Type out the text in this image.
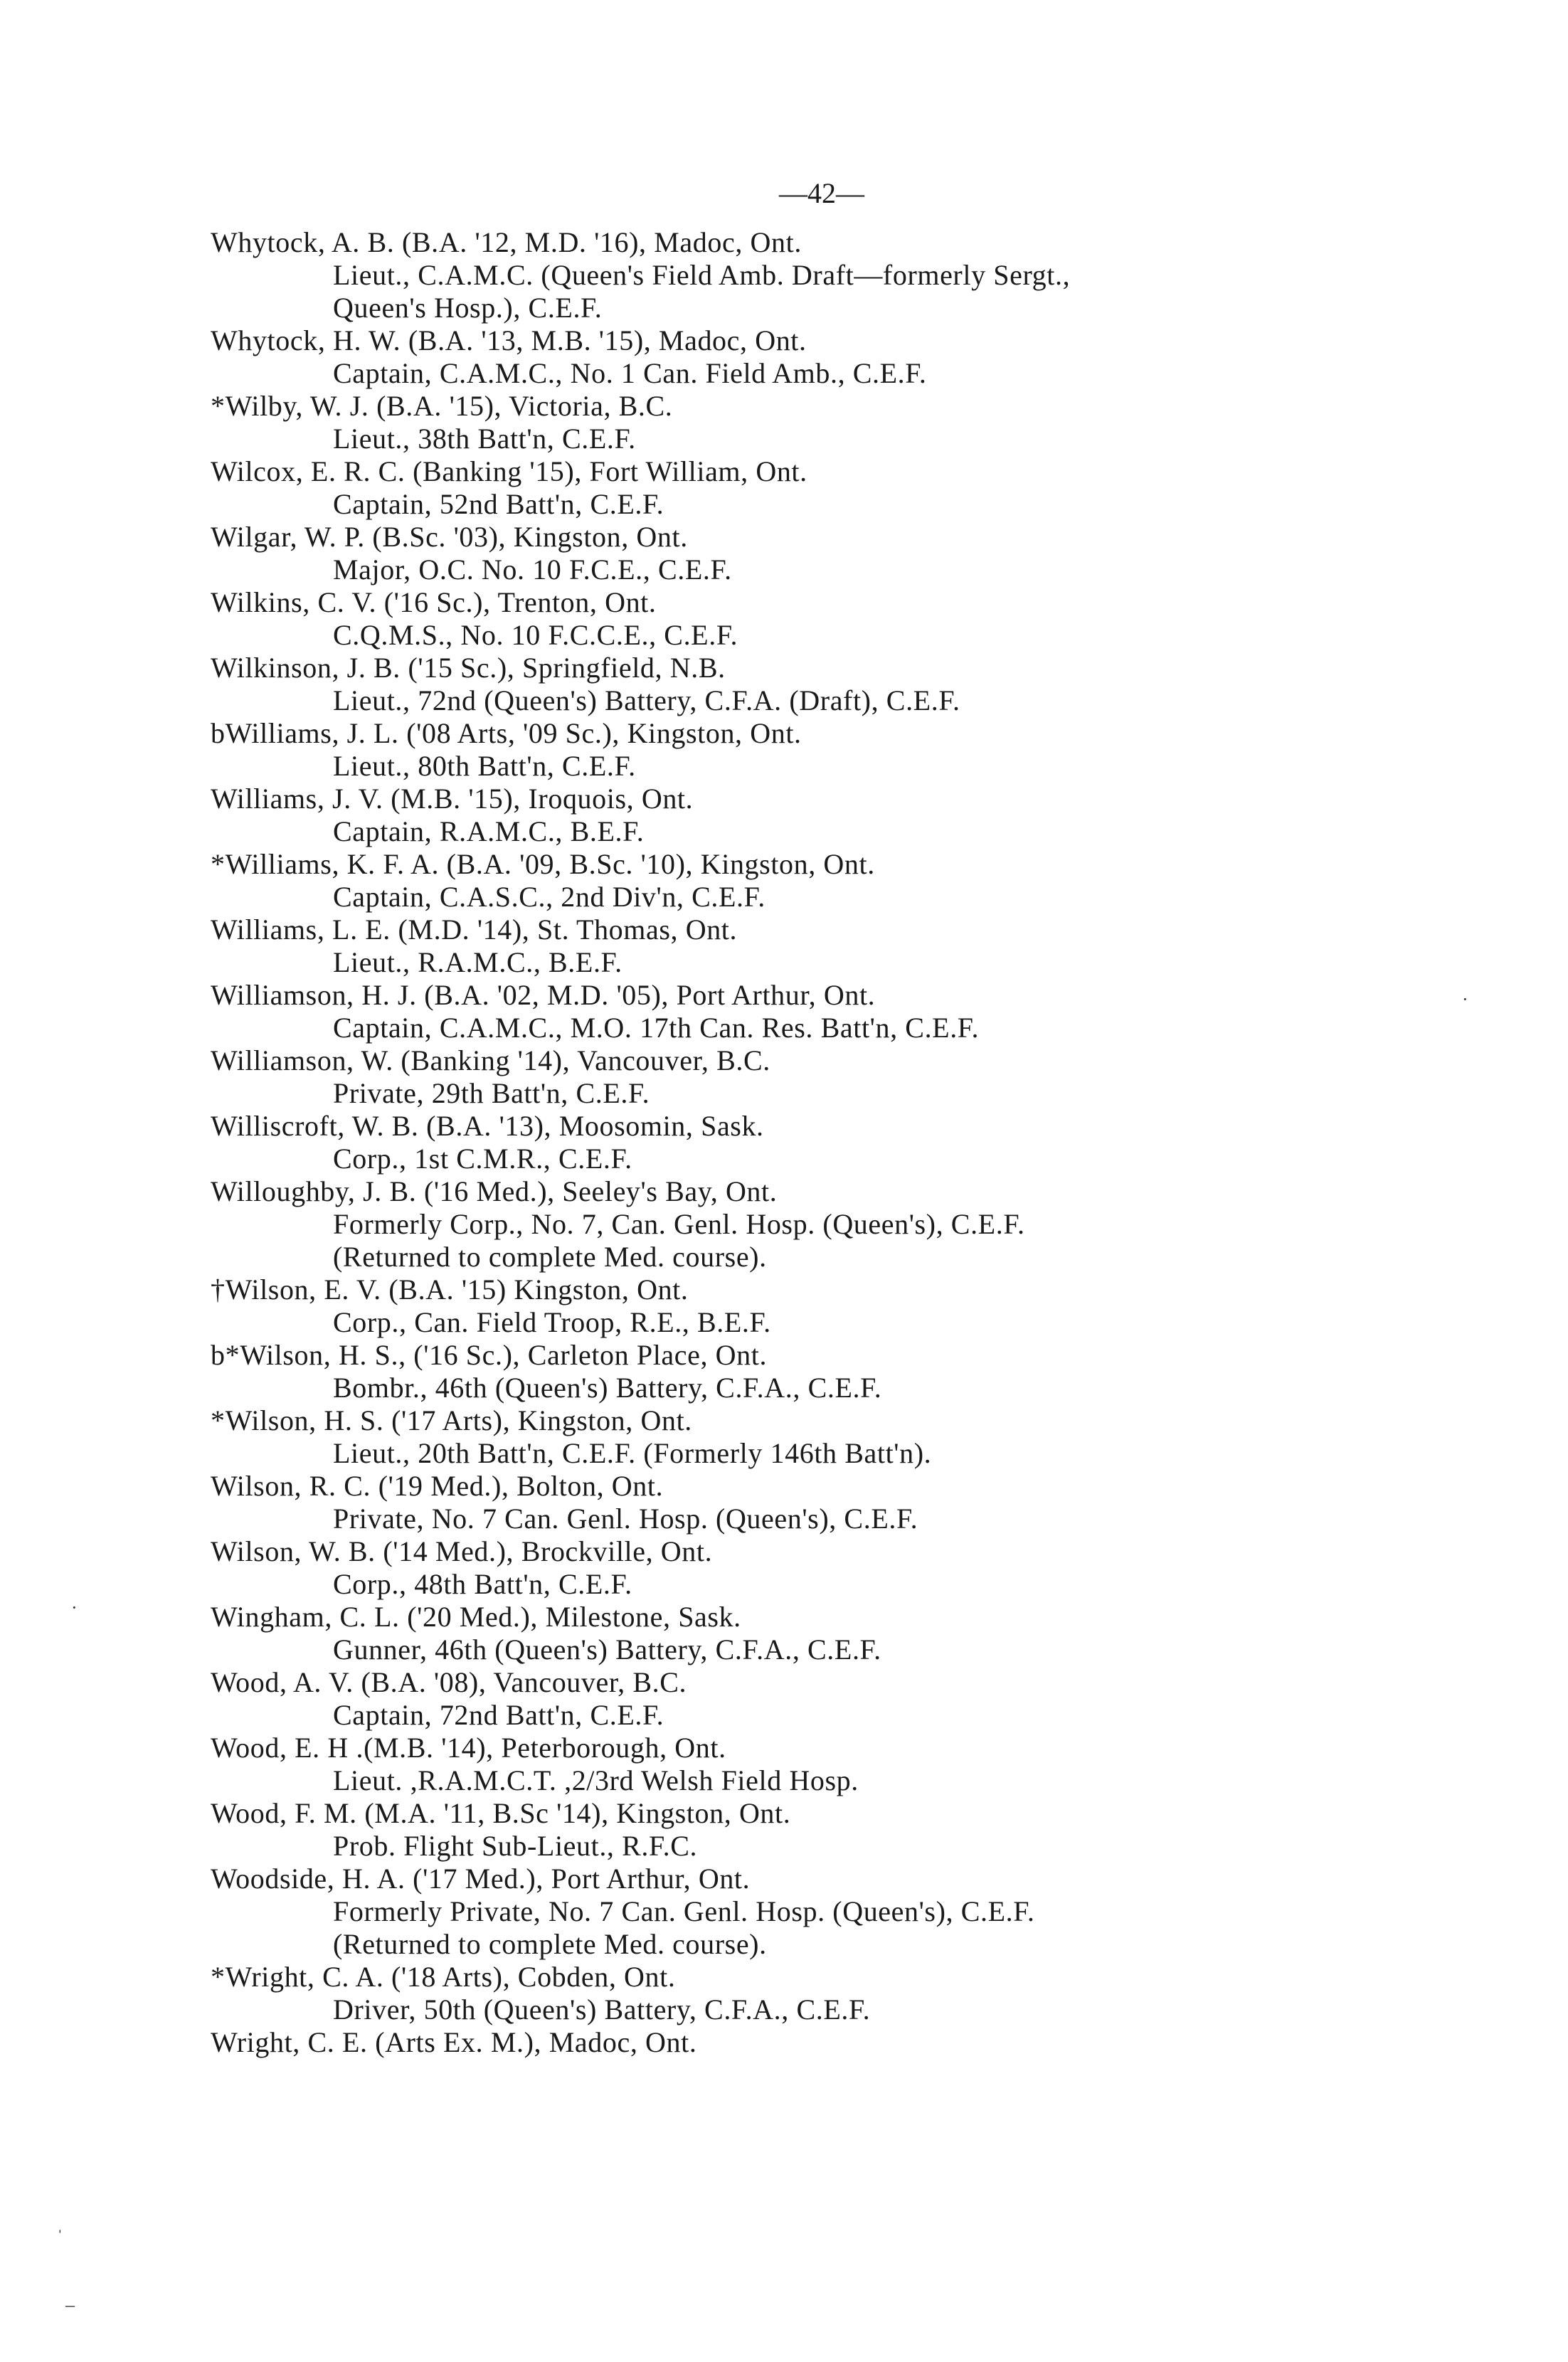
—42—
Whytock, A. B. (B.A. '12, M.D. '16), Madoc, Ont.
Lieut., C.A.M.C. (Queen's Field Amb. Draft—formerly Sergt.,
Queen's Hosp.), C.E.F.
Whytock, H. W. (B.A. '13, M.B. '15), Madoc, Ont.
Captain, C.A.M.C., No. 1 Can. Field Amb., C.E.F.
*Wilby, W. J. (B.A. '15), Victoria, B.C.
Lieut., 38th Batt'n, C.E.F.
Wilcox, E. R. C. (Banking '15), Fort William, Ont.
Captain, 52nd Batt'n, C.E.F.
Wilgar, W. P. (B.Sc. '03), Kingston, Ont.
Major, O.C. No. 10 F.C.E., C.E.F.
Wilkins, C. V. ('16 Sc.), Trenton, Ont.
C.Q.M.S., No. 10 F.C.C.E., C.E.F.
Wilkinson, J. B. ('15 Sc.), Springfield, N.B.
Lieut., 72nd (Queen's) Battery, C.F.A. (Draft), C.E.F.
bWilliams, J. L. ('08 Arts, '09 Sc.), Kingston, Ont.
Lieut., 80th Batt'n, C.E.F.
Williams, J. V. (M.B. '15), Iroquois, Ont.
Captain, R.A.M.C., B.E.F.
*Williams, K. F. A. (B.A. '09, B.Sc. '10), Kingston, Ont.
Captain, C.A.S.C., 2nd Div'n, C.E.F.
Williams, L. E. (M.D. '14), St. Thomas, Ont.
Lieut., R.A.M.C., B.E.F.
Williamson, H. J. (B.A. '02, M.D. '05), Port Arthur, Ont.
Captain, C.A.M.C., M.O. 17th Can. Res. Batt'n, C.E.F.
Williamson, W. (Banking '14), Vancouver, B.C.
Private, 29th Batt'n, C.E.F.
Williscroft, W. B. (B.A. '13), Moosomin, Sask.
Corp., 1st C.M.R., C.E.F.
Willoughby, J. B. ('16 Med.), Seeley's Bay, Ont.
Formerly Corp., No. 7, Can. Genl. Hosp. (Queen's), C.E.F.
(Returned to complete Med. course).
†Wilson, E. V. (B.A. '15) Kingston, Ont.
Corp., Can. Field Troop, R.E., B.E.F.
b*Wilson, H. S., ('16 Sc.), Carleton Place, Ont.
Bombr., 46th (Queen's) Battery, C.F.A., C.E.F.
*Wilson, H. S. ('17 Arts), Kingston, Ont.
Lieut., 20th Batt'n, C.E.F. (Formerly 146th Batt'n).
Wilson, R. C. ('19 Med.), Bolton, Ont.
Private, No. 7 Can. Genl. Hosp. (Queen's), C.E.F.
Wilson, W. B. ('14 Med.), Brockville, Ont.
Corp., 48th Batt'n, C.E.F.
Wingham, C. L. ('20 Med.), Milestone, Sask.
Gunner, 46th (Queen's) Battery, C.F.A., C.E.F.
Wood, A. V. (B.A. '08), Vancouver, B.C.
Captain, 72nd Batt'n, C.E.F.
Wood, E. H .(M.B. '14), Peterborough, Ont.
Lieut. ,R.A.M.C.T. ,2/3rd Welsh Field Hosp.
Wood, F. M. (M.A. '11, B.Sc '14), Kingston, Ont.
Prob. Flight Sub-Lieut., R.F.C.
Woodside, H. A. ('17 Med.), Port Arthur, Ont.
Formerly Private, No. 7 Can. Genl. Hosp. (Queen's), C.E.F.
(Returned to complete Med. course).
*Wright, C. A. ('18 Arts), Cobden, Ont.
Driver, 50th (Queen's) Battery, C.F.A., C.E.F.
Wright, C. E. (Arts Ex. M.), Madoc, Ont.
·
·
ˈ
–
